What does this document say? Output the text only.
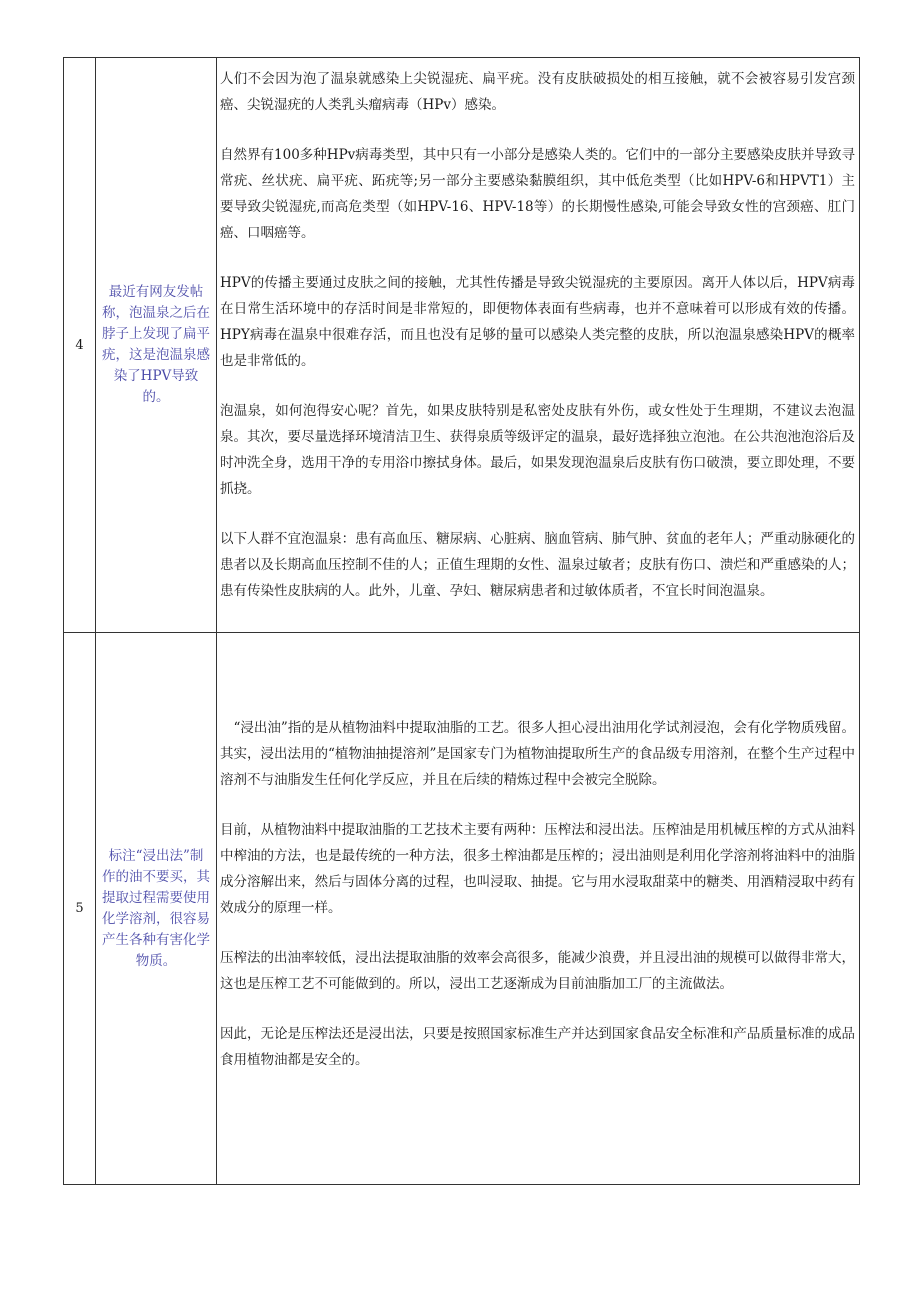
4	最近有网友发帖称，泡温泉之后在脖子上发现了扁平疣，这是泡温泉感染了HPV导致的。	人们不会因为泡了温泉就感染上尖锐湿疣、扁平疣。没有皮肤破损处的相互接触，就不会被容易引发宫颈癌、尖锐湿疣的人类乳头瘤病毒（HPv）感染。

自然界有100多种HPv病毒类型，其中只有一小部分是感染人类的。它们中的一部分主要感染皮肤并导致寻常疣、丝状疣、扁平疣、跖疣等;另一部分主要感染黏膜组织，其中低危类型（比如HPV-6和HPVT1）主要导致尖锐湿疣,而高危类型（如HPV-16、HPV-18等）的长期慢性感染,可能会导致女性的宫颈癌、肛门癌、口咽癌等。

HPV的传播主要通过皮肤之间的接触，尤其性传播是导致尖锐湿疣的主要原因。离开人体以后，HPV病毒在日常生活环境中的存活时间是非常短的，即便物体表面有些病毒，也并不意味着可以形成有效的传播。HPY病毒在温泉中很难存活，而且也没有足够的量可以感染人类完整的皮肤，所以泡温泉感染HPV的概率也是非常低的。

泡温泉，如何泡得安心呢？首先，如果皮肤特别是私密处皮肤有外伤，或女性处于生理期，不建议去泡温泉。其次，要尽量选择环境清洁卫生、获得泉质等级评定的温泉，最好选择独立泡池。在公共泡池泡浴后及时冲洗全身，选用干净的专用浴巾擦拭身体。最后，如果发现泡温泉后皮肤有伤口破溃，要立即处理，不要抓挠。

以下人群不宜泡温泉：患有高血压、糖尿病、心脏病、脑血管病、肺气肿、贫血的老年人；严重动脉硬化的患者以及长期高血压控制不佳的人；正值生理期的女性、温泉过敏者；皮肤有伤口、溃烂和严重感染的人；患有传染性皮肤病的人。此外，儿童、孕妇、糖尿病患者和过敏体质者，不宜长时间泡温泉。

5	标注“浸出法”制作的油不要买，其提取过程需要使用化学溶剂，很容易产生各种有害化学物质。	“浸出油”指的是从植物油料中提取油脂的工艺。很多人担心浸出油用化学试剂浸泡，会有化学物质残留。其实，浸出法用的“植物油抽提溶剂”是国家专门为植物油提取所生产的食品级专用溶剂，在整个生产过程中溶剂不与油脂发生任何化学反应，并且在后续的精炼过程中会被完全脱除。

目前，从植物油料中提取油脂的工艺技术主要有两种：压榨法和浸出法。压榨油是用机械压榨的方式从油料中榨油的方法，也是最传统的一种方法，很多土榨油都是压榨的；浸出油则是利用化学溶剂将油料中的油脂成分溶解出来，然后与固体分离的过程，也叫浸取、抽提。它与用水浸取甜菜中的糖类、用酒精浸取中药有效成分的原理一样。

压榨法的出油率较低，浸出法提取油脂的效率会高很多，能减少浪费，并且浸出油的规模可以做得非常大，这也是压榨工艺不可能做到的。所以，浸出工艺逐渐成为目前油脂加工厂的主流做法。

因此，无论是压榨法还是浸出法，只要是按照国家标准生产并达到国家食品安全标准和产品质量标准的成品食用植物油都是安全的。
